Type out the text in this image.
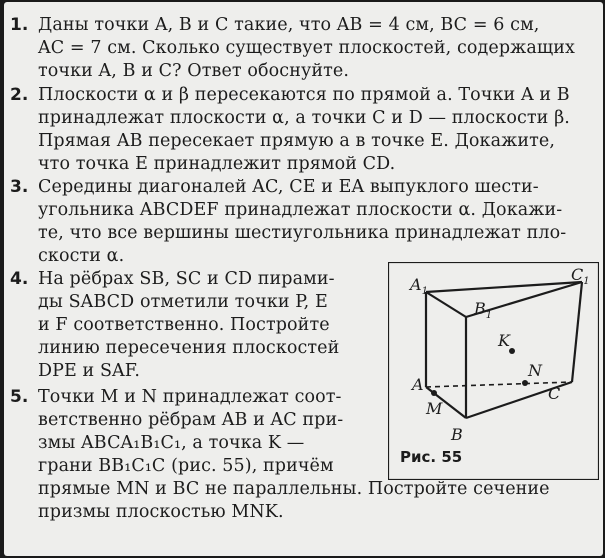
1. Даны точки A, B и C такие, что AB = 4 см, BC = 6 см,
AC = 7 см. Сколько существует плоскостей, содержащих
точки A, B и C? Ответ обоснуйте.
2. Плоскости α и β пересекаются по прямой a. Точки A и B
принадлежат плоскости α, а точки C и D — плоскости β.
Прямая AB пересекает прямую a в точке E. Докажите,
что точка E принадлежит прямой CD.
3. Середины диагоналей AC, CE и EA выпуклого шести-
угольника ABCDEF принадлежат плоскости α. Докажи-
те, что все вершины шестиугольника принадлежат пло-
скости α.
4. На рёбрах SB, SC и CD пирами-
ды SABCD отметили точки P, E
и F соответственно. Постройте
линию пересечения плоскостей
DPE и SAF.
5. Точки M и N принадлежат соот-
ветственно рёбрам AB и AC при-
змы ABCA₁B₁C₁, а точка K —
грани BB₁C₁C (рис. 55), причём
прямые MN и BC не параллельны. Постройте сечение
призмы плоскостью MNK.
$A_1$
$B_1$
$C_1$
K
N
A
M
C
B
Рис. 55
